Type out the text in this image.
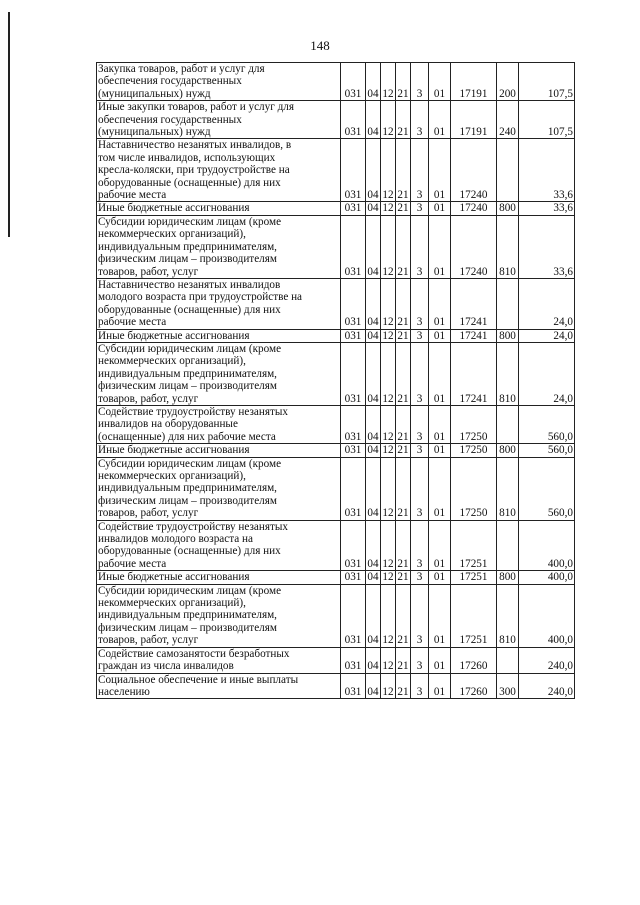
148
Закупка товаров, работ и услуг для
обеспечения государственных
(муниципальных) нужд	031	04	12	21	3	01	17191	200	107,5

Иные закупки товаров, работ и услуг для
обеспечения государственных
(муниципальных) нужд	031	04	12	21	3	01	17191	240	107,5

Наставничество незанятых инвалидов, в
том числе инвалидов, использующих
кресла-коляски, при трудоустройстве на
оборудованные (оснащенные) для них
рабочие места	031	04	12	21	3	01	17240		33,6

Иные бюджетные ассигнования	031	04	12	21	3	01	17240	800	33,6

Субсидии юридическим лицам (кроме
некоммерческих организаций),
индивидуальным предпринимателям,
физическим лицам – производителям
товаров, работ, услуг	031	04	12	21	3	01	17240	810	33,6

Наставничество незанятых инвалидов
молодого возраста при трудоустройстве на
оборудованные (оснащенные) для них
рабочие места	031	04	12	21	3	01	17241		24,0

Иные бюджетные ассигнования	031	04	12	21	3	01	17241	800	24,0

Субсидии юридическим лицам (кроме
некоммерческих организаций),
индивидуальным предпринимателям,
физическим лицам – производителям
товаров, работ, услуг	031	04	12	21	3	01	17241	810	24,0

Содействие трудоустройству незанятых
инвалидов на оборудованные
(оснащенные) для них рабочие места	031	04	12	21	3	01	17250		560,0

Иные бюджетные ассигнования	031	04	12	21	3	01	17250	800	560,0

Субсидии юридическим лицам (кроме
некоммерческих организаций),
индивидуальным предпринимателям,
физическим лицам – производителям
товаров, работ, услуг	031	04	12	21	3	01	17250	810	560,0

Содействие трудоустройству незанятых
инвалидов молодого возраста на
оборудованные (оснащенные) для них
рабочие места	031	04	12	21	3	01	17251		400,0

Иные бюджетные ассигнования	031	04	12	21	3	01	17251	800	400,0

Субсидии юридическим лицам (кроме
некоммерческих организаций),
индивидуальным предпринимателям,
физическим лицам – производителям
товаров, работ, услуг	031	04	12	21	3	01	17251	810	400,0

Содействие самозанятости безработных
граждан из числа инвалидов	031	04	12	21	3	01	17260		240,0

Социальное обеспечение и иные выплаты
населению	031	04	12	21	3	01	17260	300	240,0
